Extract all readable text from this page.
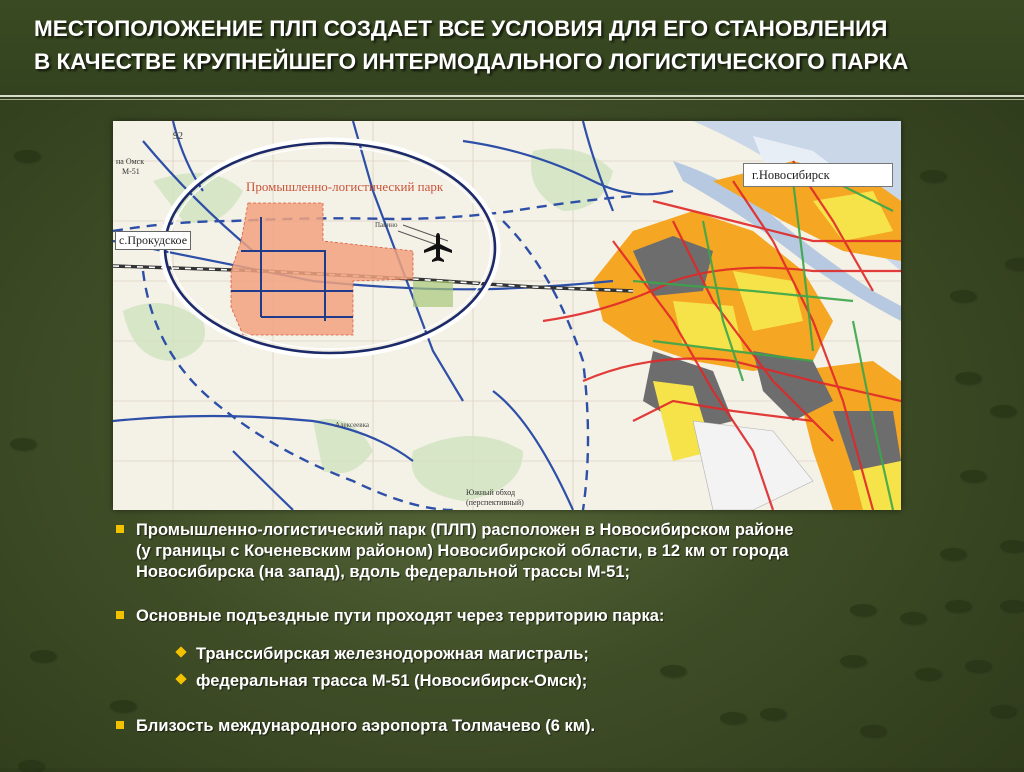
МЕСТОПОЛОЖЕНИЕ ПЛП СОЗДАЕТ ВСЕ УСЛОВИЯ ДЛЯ ЕГО СТАНОВЛЕНИЯ
В КАЧЕСТВЕ КРУПНЕЙШЕГО ИНТЕРМОДАЛЬНОГО ЛОГИСТИЧЕСКОГО ПАРКА
Промышленно-логистический парк
г.Новосибирск
с.Прокудское
на Омск
М-51
92
Павино
Алексеевка
Южный обход
(перспективный)
Промышленно-логистический парк (ПЛП) расположен в Новосибирском районе
(у границы с Коченевским районом) Новосибирской области, в 12 км от города
Новосибирска (на запад), вдоль федеральной трассы М-51;
Основные подъездные пути проходят через территорию парка:
Транссибирская железнодорожная магистраль;
федеральная трасса М-51 (Новосибирск-Омск);
Близость международного аэропорта Толмачево (6 км).
